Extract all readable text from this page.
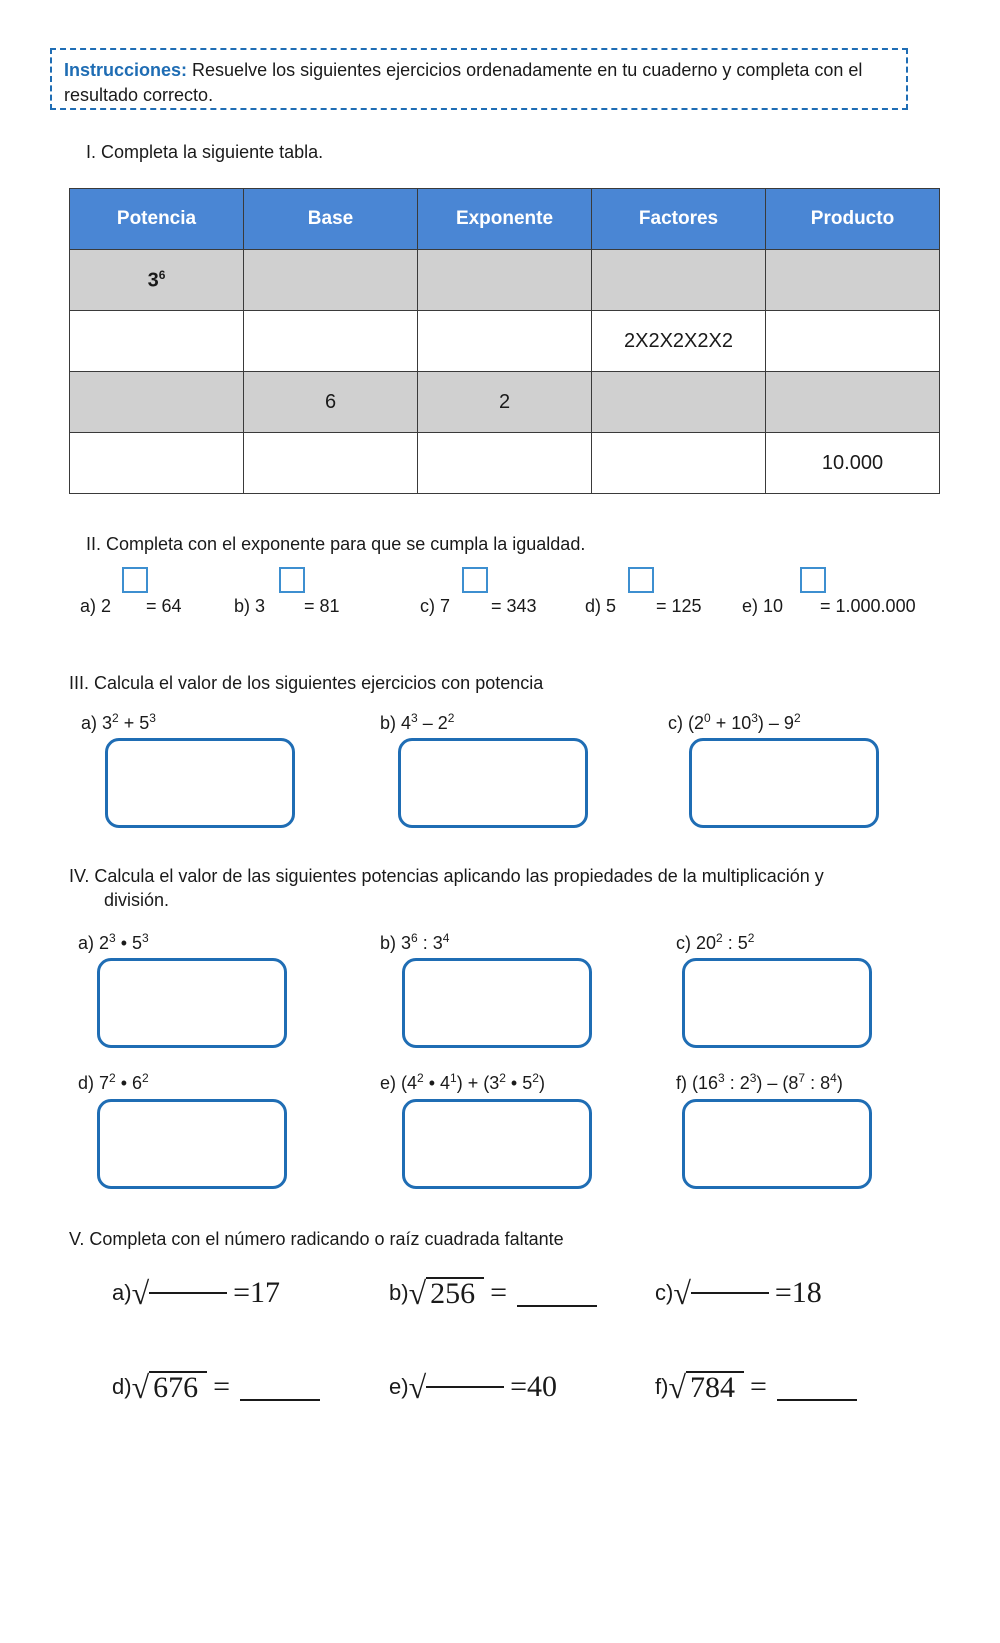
Instrucciones: Resuelve los siguientes ejercicios ordenadamente en tu cuaderno y completa con el resultado correcto.
I. Completa la siguiente tabla.
Potencia	Base	Exponente	Factores	Producto
$3^6$				
			2X2X2X2X2	
	6	2		
				10.000
II. Completa con el exponente para que se cumpla la igualdad.
a) 2 = 64	b) 3 = 81	c) 7 = 343	d) 5 = 125 e) 10 = 1.000.000
III. Calcula el valor de los siguientes ejercicios con potencia
a) $3^2 + 5^3$	b) $4^3 - 2^2$	c) $(2^0 + 10^3) - 9^2$
IV. Calcula el valor de las siguientes potencias aplicando las propiedades de la multiplicación y
división.
a) $2^3$ • $5^3$	b) $3^6$ : $3^4$	c) $20^2$ : $5^2$
d) $7^2$ • $6^2$	e) ($4^2$ • $4^1) + (3^2$ • $5^2$)	f) ($16^3$ : $2^3) - (8^7$ : $8^4$)
V. Completa con el número radicando o raíz cuadrada faltante
a)√	=17	b)√ 256 =	c)√	=18
d)√ 676 =	e)√	=40	f)√ 784 =
